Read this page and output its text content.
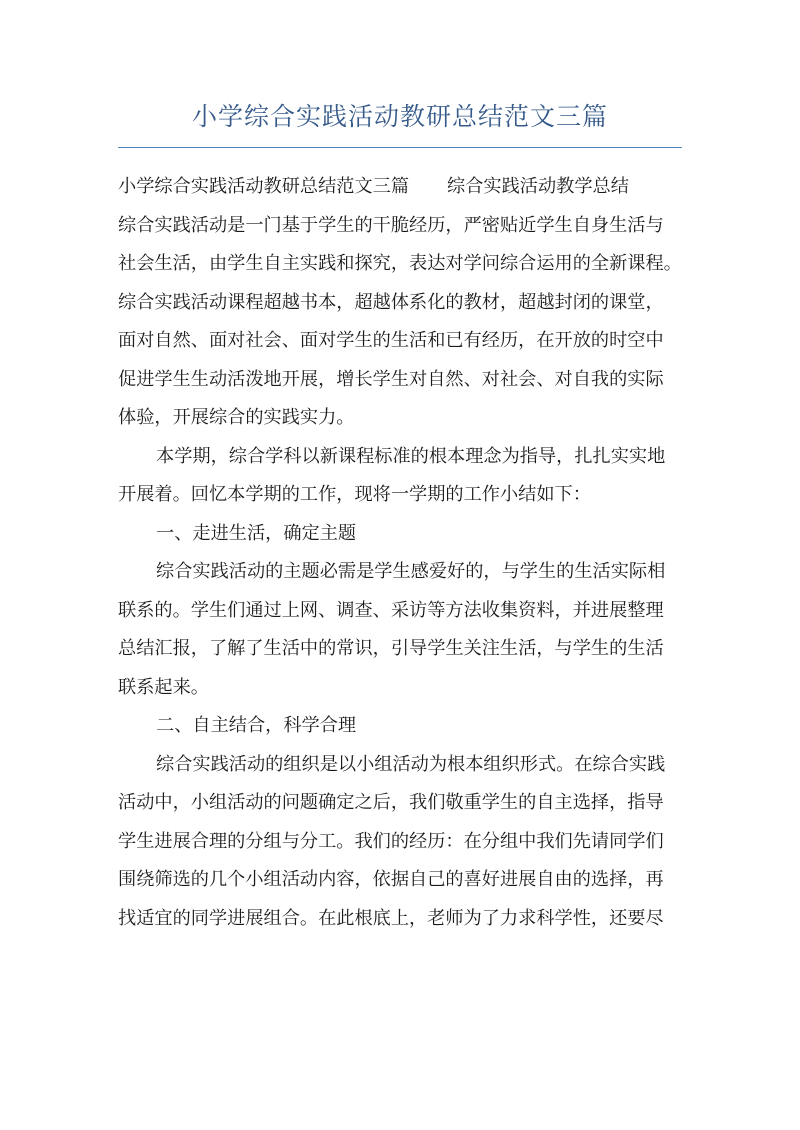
小学综合实践活动教研总结范文三篇
小学综合实践活动教研总结范文三篇 综合实践活动教学总结
综合实践活动是一门基于学生的干脆经历，严密贴近学生自身生活与
社会生活，由学生自主实践和探究，表达对学问综合运用的全新课程。
综合实践活动课程超越书本，超越体系化的教材，超越封闭的课堂，
面对自然、面对社会、面对学生的生活和已有经历，在开放的时空中
促进学生生动活泼地开展，增长学生对自然、对社会、对自我的实际
体验，开展综合的实践实力。
本学期，综合学科以新课程标准的根本理念为指导，扎扎实实地
开展着。回忆本学期的工作，现将一学期的工作小结如下：
一、走进生活，确定主题
综合实践活动的主题必需是学生感爱好的，与学生的生活实际相
联系的。学生们通过上网、调查、采访等方法收集资料，并进展整理
总结汇报，了解了生活中的常识，引导学生关注生活，与学生的生活
联系起来。
二、自主结合，科学合理
综合实践活动的组织是以小组活动为根本组织形式。在综合实践
活动中，小组活动的问题确定之后，我们敬重学生的自主选择，指导
学生进展合理的分组与分工。我们的经历：在分组中我们先请同学们
围绕筛选的几个小组活动内容，依据自己的喜好进展自由的选择，再
找适宜的同学进展组合。在此根底上，老师为了力求科学性，还要尽
